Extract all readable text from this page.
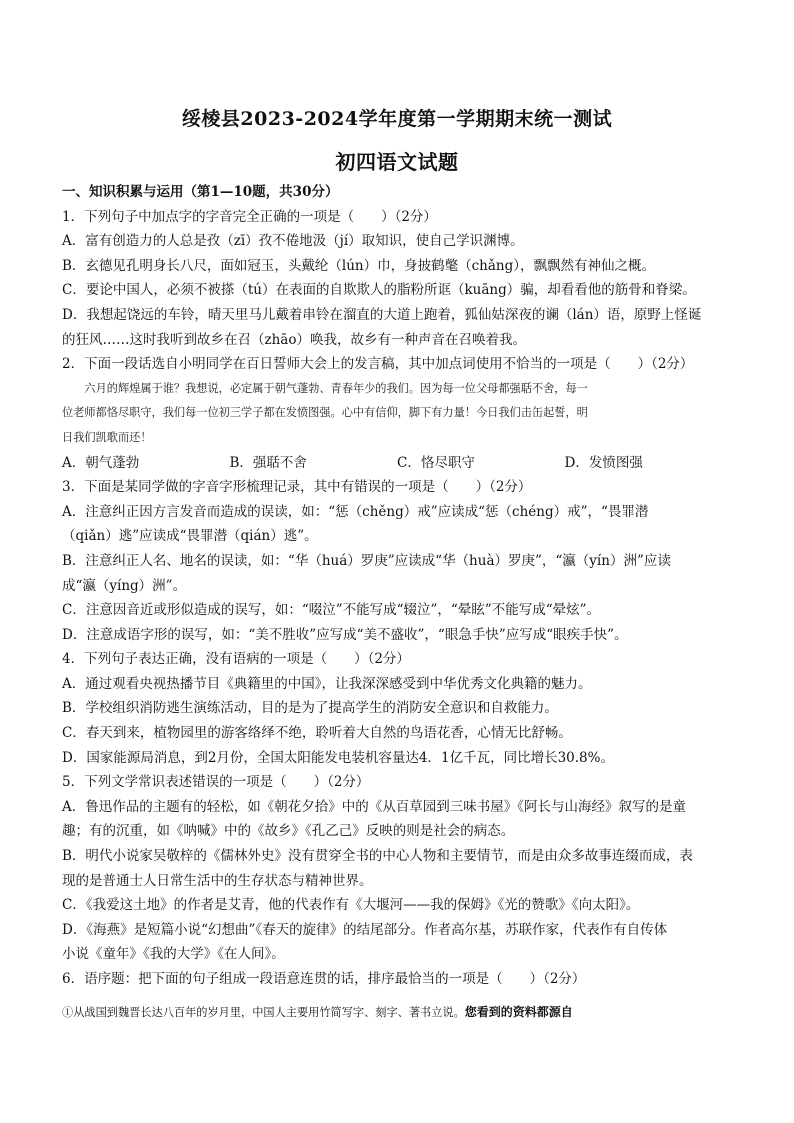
绥棱县2023-2024学年度第一学期期末统一测试
初四语文试题
一、知识积累与运用（第1—10题，共30分）
1．下列句子中加点字的字音完全正确的一项是（　　）（2分）
A．富有创造力的人总是孜（zī）孜不倦地汲（jí）取知识，使自己学识渊博。
B．玄德见孔明身长八尺，面如冠玉，头戴纶（lún）巾，身披鹤氅（chǎng），飘飘然有神仙之概。
C．要论中国人，必须不被搽（tú）在表面的自欺欺人的脂粉所诓（kuāng）骗，却看看他的筋骨和脊梁。
D．我想起饶远的车铃，晴天里马儿戴着串铃在溜直的大道上跑着，狐仙姑深夜的谰（lán）语，原野上怪诞
的狂风……这时我听到故乡在召（zhāo）唤我，故乡有一种声音在召唤着我。
2．下面一段话选自小明同学在百日誓师大会上的发言稿，其中加点词使用不恰当的一项是（　　）（2分）
六月的辉煌属于谁？我想说，必定属于朝气蓬勃、青春年少的我们。因为每一位父母都强聒不舍，每一
位老师都恪尽职守，我们每一位初三学子都在发愤图强。心中有信仰，脚下有力量！今日我们击缶起誓，明
日我们凯歌而还！
A．朝气蓬勃	B．强聒不舍	C．恪尽职守	D．发愤图强
3．下面是某同学做的字音字形梳理记录，其中有错误的一项是（　　）（2分）
A．注意纠正因方言发音而造成的误读，如：“惩（chěng）戒”应读成“惩（chéng）戒”，“畏罪潜
（qiǎn）逃”应读成“畏罪潜（qián）逃”。
B．注意纠正人名、地名的误读，如：“华（huá）罗庚”应读成“华（huà）罗庚”，“瀛（yín）洲”应读
成“瀛（yíng）洲”。
C．注意因音近或形似造成的误写，如：“啜泣”不能写成“辍泣”，“晕眩”不能写成“晕炫”。
D．注意成语字形的误写，如：“美不胜收”应写成“美不盛收”，“眼急手快”应写成“眼疾手快”。
4．下列句子表达正确，没有语病的一项是（　　）（2分）
A．通过观看央视热播节目《典籍里的中国》，让我深深感受到中华优秀文化典籍的魅力。
B．学校组织消防逃生演练活动，目的是为了提高学生的消防安全意识和自救能力。
C．春天到来，植物园里的游客络绎不绝，聆听着大自然的鸟语花香，心情无比舒畅。
D．国家能源局消息，到2月份，全国太阳能发电装机容量达4．1亿千瓦，同比增长30.8%。
5．下列文学常识表述错误的一项是（　　）（2分）
A．鲁迅作品的主题有的轻松，如《朝花夕拾》中的《从百草园到三味书屋》《阿长与山海经》叙写的是童
趣；有的沉重，如《呐喊》中的《故乡》《孔乙己》反映的则是社会的病态。
B．明代小说家吴敬梓的《儒林外史》没有贯穿全书的中心人物和主要情节，而是由众多故事连缀而成，表
现的是普通士人日常生活中的生存状态与精神世界。
C．《我爱这土地》的作者是艾青，他的代表作有《大堰河——我的保姆》《光的赞歌》《向太阳》。
D．《海燕》是短篇小说“幻想曲”《春天的旋律》的结尾部分。作者高尔基，苏联作家，代表作有自传体
小说《童年》《我的大学》《在人间》。
6．语序题：把下面的句子组成一段语意连贯的话，排序最恰当的一项是（　　）（2分）
①从战国到魏晋长达八百年的岁月里，中国人主要用竹简写字、刻字、著书立说。您看到的资料都源自
